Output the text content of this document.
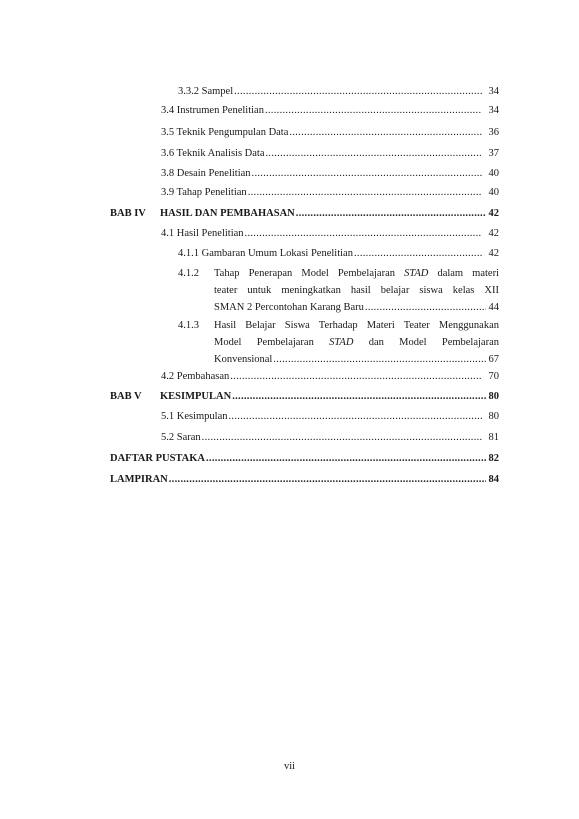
3.3.2 Sampel .....	34
3.4 Instrumen Penelitian .....	34
3.5 Teknik Pengumpulan Data .....	36
3.6 Teknik Analisis Data .....	37
3.8 Desain Penelitian .....	40
3.9 Tahap Penelitian .....	40
BAB IV	HASIL DAN PEMBAHASAN .....	42
4.1 Hasil Penelitian .....	42
4.1.1 Gambaran Umum Lokasi Penelitian .....	42
4.1.2	Tahap Penerapan Model Pembelajaran STAD dalam materi
teater untuk meningkatkan hasil belajar siswa kelas XII
SMAN 2 Percontohan Karang Baru .....	44
4.1.3	Hasil Belajar Siswa Terhadap Materi Teater Menggunakan
Model Pembelajaran STAD dan Model Pembelajaran
Konvensional .....	67
4.2 Pembahasan .....	70
BAB V	KESIMPULAN .....	80
5.1 Kesimpulan .....	80
5.2 Saran .....	81
DAFTAR PUSTAKA .....	82
LAMPIRAN .....	84
vii
